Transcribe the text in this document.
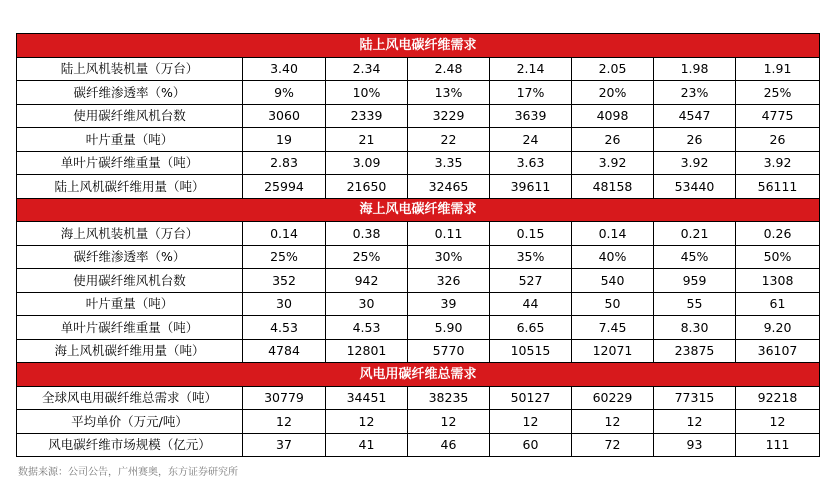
陆上风电碳纤维需求							
陆上风机装机量（万台）	3.40	2.34	2.48	2.14	2.05	1.98	1.91
碳纤维渗透率（%）	9%	10%	13%	17%	20%	23%	25%
使用碳纤维风机台数	3060	2339	3229	3639	4098	4547	4775
叶片重量（吨）	19	21	22	24	26	26	26
单叶片碳纤维重量（吨）	2.83	3.09	3.35	3.63	3.92	3.92	3.92
陆上风机碳纤维用量（吨）	25994	21650	32465	39611	48158	53440	56111
海上风电碳纤维需求							
海上风机装机量（万台）	0.14	0.38	0.11	0.15	0.14	0.21	0.26
碳纤维渗透率（%）	25%	25%	30%	35%	40%	45%	50%
使用碳纤维风机台数	352	942	326	527	540	959	1308
叶片重量（吨）	30	30	39	44	50	55	61
单叶片碳纤维重量（吨）	4.53	4.53	5.90	6.65	7.45	8.30	9.20
海上风机碳纤维用量（吨）	4784	12801	5770	10515	12071	23875	36107
风电用碳纤维总需求							
全球风电用碳纤维总需求（吨）	30779	34451	38235	50127	60229	77315	92218
平均单价（万元/吨）	12	12	12	12	12	12	12
风电碳纤维市场规模（亿元）	37	41	46	60	72	93	111
数据来源：公司公告，广州赛奥，东方证券研究所
